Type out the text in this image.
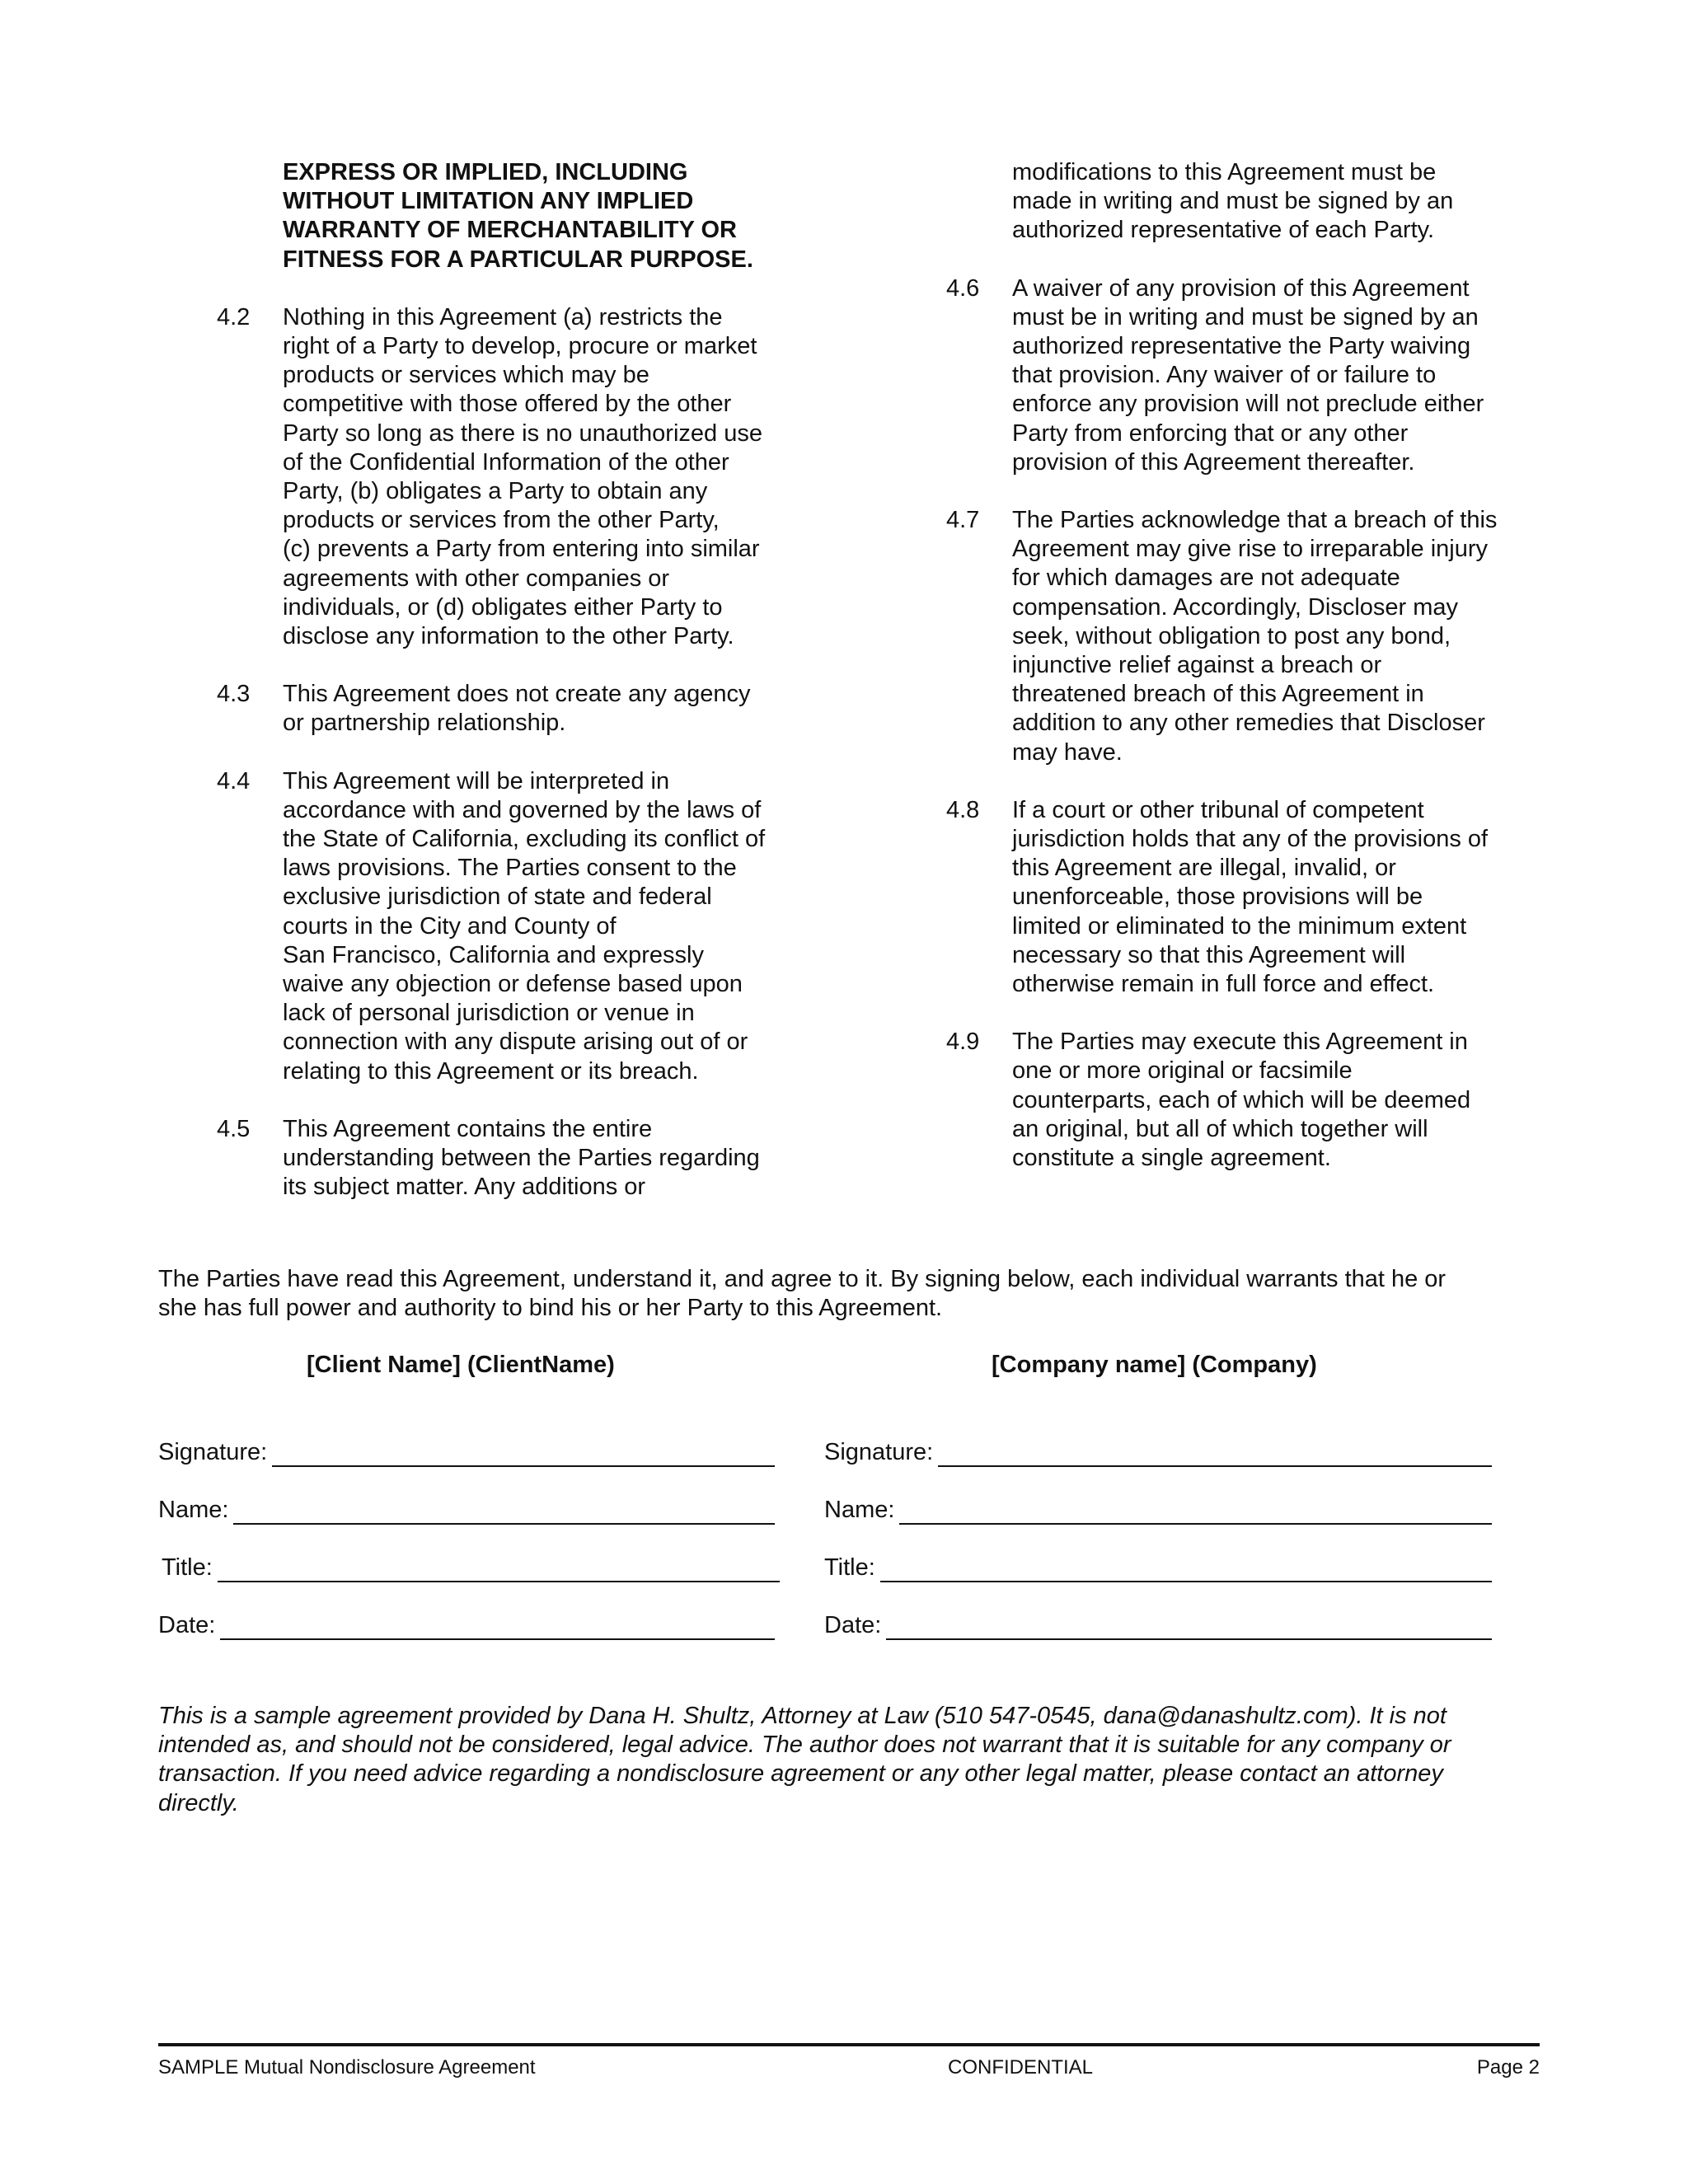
EXPRESS OR IMPLIED, INCLUDING
WITHOUT LIMITATION ANY IMPLIED
WARRANTY OF MERCHANTABILITY OR
FITNESS FOR A PARTICULAR PURPOSE.
4.2	Nothing in this Agreement (a) restricts the
right of a Party to develop, procure or market
products or services which may be
competitive with those offered by the other
Party so long as there is no unauthorized use
of the Confidential Information of the other
Party, (b) obligates a Party to obtain any
products or services from the other Party,
(c) prevents a Party from entering into similar
agreements with other companies or
individuals, or (d) obligates either Party to
disclose any information to the other Party.
4.3	This Agreement does not create any agency
or partnership relationship.
4.4	This Agreement will be interpreted in
accordance with and governed by the laws of
the State of California, excluding its conflict of
laws provisions. The Parties consent to the
exclusive jurisdiction of state and federal
courts in the City and County of
San Francisco, California and expressly
waive any objection or defense based upon
lack of personal jurisdiction or venue in
connection with any dispute arising out of or
relating to this Agreement or its breach.
4.5	This Agreement contains the entire
understanding between the Parties regarding
its subject matter. Any additions or
modifications to this Agreement must be
made in writing and must be signed by an
authorized representative of each Party.
4.6	A waiver of any provision of this Agreement
must be in writing and must be signed by an
authorized representative the Party waiving
that provision. Any waiver of or failure to
enforce any provision will not preclude either
Party from enforcing that or any other
provision of this Agreement thereafter.
4.7	The Parties acknowledge that a breach of this
Agreement may give rise to irreparable injury
for which damages are not adequate
compensation. Accordingly, Discloser may
seek, without obligation to post any bond,
injunctive relief against a breach or
threatened breach of this Agreement in
addition to any other remedies that Discloser
may have.
4.8	If a court or other tribunal of competent
jurisdiction holds that any of the provisions of
this Agreement are illegal, invalid, or
unenforceable, those provisions will be
limited or eliminated to the minimum extent
necessary so that this Agreement will
otherwise remain in full force and effect.
4.9	The Parties may execute this Agreement in
one or more original or facsimile
counterparts, each of which will be deemed
an original, but all of which together will
constitute a single agreement.
The Parties have read this Agreement, understand it, and agree to it. By signing below, each individual warrants that he or
she has full power and authority to bind his or her Party to this Agreement.
[Client Name] (ClientName)	[Company name] (Company)
Signature:	Signature:
Name:	Name:
Title:	Title:
Date:	Date:
This is a sample agreement provided by Dana H. Shultz, Attorney at Law (510 547-0545, dana@danashultz.com). It is not
intended as, and should not be considered, legal advice. The author does not warrant that it is suitable for any company or
transaction. If you need advice regarding a nondisclosure agreement or any other legal matter, please contact an attorney
directly.
SAMPLE Mutual Nondisclosure Agreement	CONFIDENTIAL	Page 2
